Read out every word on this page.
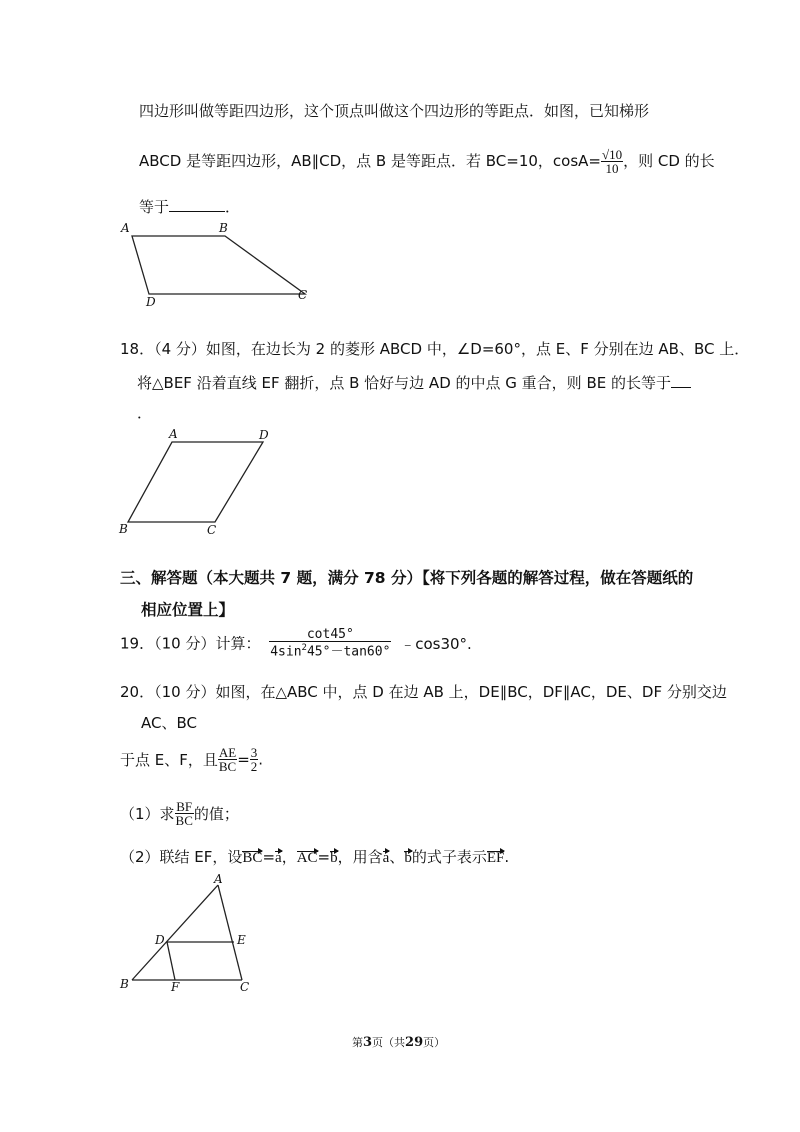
四边形叫做等距四边形，这个顶点叫做这个四边形的等距点．如图，已知梯形
ABCD 是等距四边形，AB∥CD，点 B 是等距点．若 BC=10，$\cos A= \frac{√10}{10}$ ，则 CD 的长
等于	．
A	B
C
D
18．（4 分）如图，在边长为 2 的菱形 ABCD 中，∠D=60°，点 E、F 分别在边 AB、BC 上．
将△BEF 沿着直线 EF 翻折，点 B 恰好与边 AD 的中点 G 重合，则 BE 的长等于
．
A	D
B	C
三、解答题（本大题共 7 题，满分 78 分）【将下列各题的解答过程，做在答题纸的
相应位置上】
19．（10 分）计算： $\frac{\cot 45^\circ}{4\sin^245^\circ-\tan 60^\circ}$ ﹣cos30°.
20．（10 分）如图，在△ABC 中，点 D 在边 AB 上，DE∥BC，DF∥AC，DE、DF 分别交边
AC、BC
于点 E、F，且 $\frac{AE}{BC} = \frac{3}{2}$ .
（1）求 $\frac{BF}{BC}$ 的值；
（2）联结 EF，设BC=a，AC=b，用含a、b的式子表示EF.
A
D	E
B	F	C
第3页（共29页）
